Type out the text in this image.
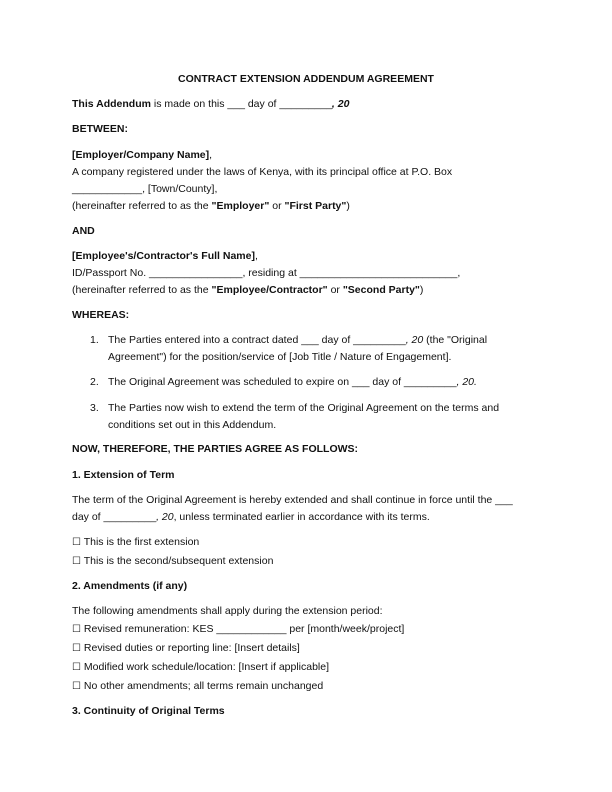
CONTRACT EXTENSION ADDENDUM AGREEMENT
This Addendum is made on this ___ day of _________, 20
BETWEEN:
[Employer/Company Name],
A company registered under the laws of Kenya, with its principal office at P.O. Box
____________, [Town/County],
(hereinafter referred to as the "Employer" or "First Party")
AND
[Employee's/Contractor's Full Name],
ID/Passport No. ________________, residing at ___________________________,
(hereinafter referred to as the "Employee/Contractor" or "Second Party")
WHEREAS:
1. The Parties entered into a contract dated ___ day of _________, 20 (the "Original
Agreement") for the position/service of [Job Title / Nature of Engagement].
2. The Original Agreement was scheduled to expire on ___ day of _________, 20.
3. The Parties now wish to extend the term of the Original Agreement on the terms and
conditions set out in this Addendum.
NOW, THEREFORE, THE PARTIES AGREE AS FOLLOWS:
1. Extension of Term
The term of the Original Agreement is hereby extended and shall continue in force until the ___
day of _________, 20, unless terminated earlier in accordance with its terms.
☐ This is the first extension
☐ This is the second/subsequent extension
2. Amendments (if any)
The following amendments shall apply during the extension period:
☐ Revised remuneration: KES ____________ per [month/week/project]
☐ Revised duties or reporting line: [Insert details]
☐ Modified work schedule/location: [Insert if applicable]
☐ No other amendments; all terms remain unchanged
3. Continuity of Original Terms
